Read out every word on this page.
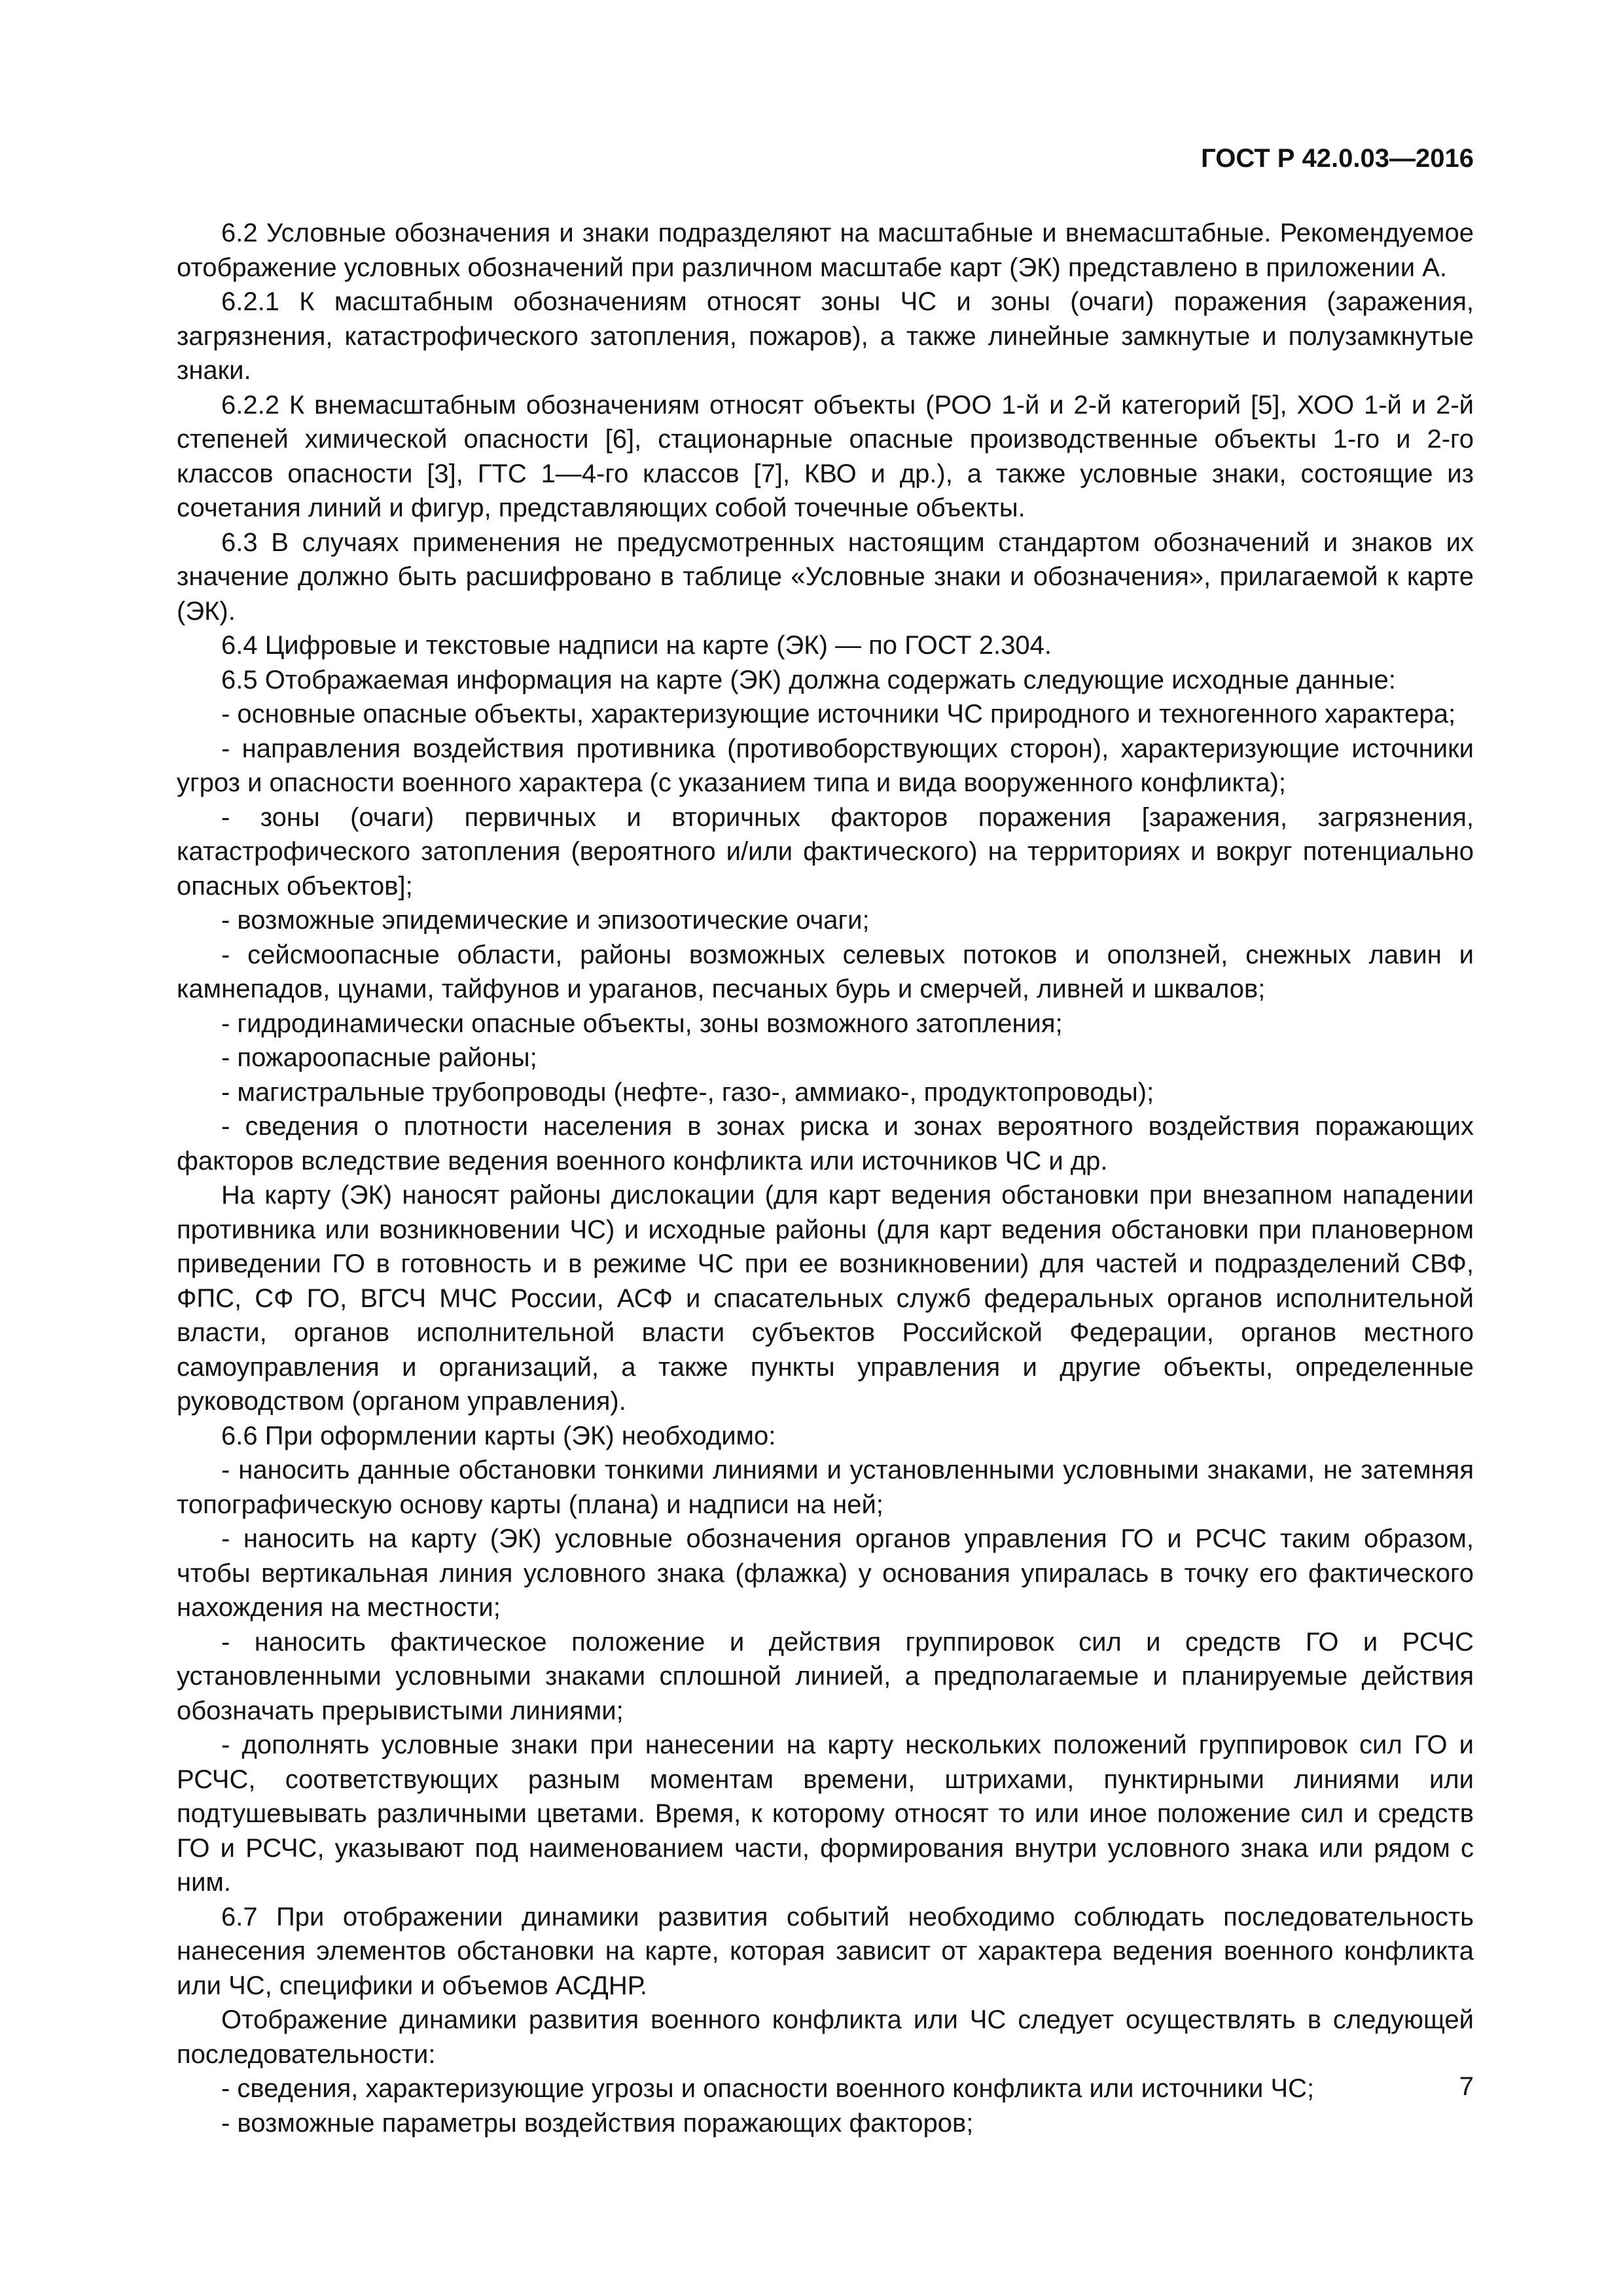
ГОСТ Р 42.0.03—2016

6.2 Условные обозначения и знаки подразделяют на масштабные и внемасштабные. Рекомендуемое отображение условных обозначений при различном масштабе карт (ЭК) представлено в приложении А.

6.2.1 К масштабным обозначениям относят зоны ЧС и зоны (очаги) поражения (заражения, загрязнения, катастрофического затопления, пожаров), а также линейные замкнутые и полузамкнутые знаки.

6.2.2 К внемасштабным обозначениям относят объекты (РОО 1-й и 2-й категорий [5], ХОО 1-й и 2-й степеней химической опасности [6], стационарные опасные производственные объекты 1-го и 2-го классов опасности [3], ГТС 1—4-го классов [7], КВО и др.), а также условные знаки, состоящие из сочетания линий и фигур, представляющих собой точечные объекты.

6.3 В случаях применения не предусмотренных настоящим стандартом обозначений и знаков их значение должно быть расшифровано в таблице «Условные знаки и обозначения», прилагаемой к карте (ЭК).

6.4 Цифровые и текстовые надписи на карте (ЭК) — по ГОСТ 2.304.

6.5 Отображаемая информация на карте (ЭК) должна содержать следующие исходные данные:

- основные опасные объекты, характеризующие источники ЧС природного и техногенного характера;

- направления воздействия противника (противоборствующих сторон), характеризующие источники угроз и опасности военного характера (с указанием типа и вида вооруженного конфликта);

- зоны (очаги) первичных и вторичных факторов поражения [заражения, загрязнения, катастрофического затопления (вероятного и/или фактического) на территориях и вокруг потенциально опасных объектов];

- возможные эпидемические и эпизоотические очаги;

- сейсмоопасные области, районы возможных селевых потоков и оползней, снежных лавин и камнепадов, цунами, тайфунов и ураганов, песчаных бурь и смерчей, ливней и шквалов;

- гидродинамически опасные объекты, зоны возможного затопления;

- пожароопасные районы;

- магистральные трубопроводы (нефте-, газо-, аммиако-, продуктопроводы);

- сведения о плотности населения в зонах риска и зонах вероятного воздействия поражающих факторов вследствие ведения военного конфликта или источников ЧС и др.

На карту (ЭК) наносят районы дислокации (для карт ведения обстановки при внезапном нападении противника или возникновении ЧС) и исходные районы (для карт ведения обстановки при плановерном приведении ГО в готовность и в режиме ЧС при ее возникновении) для частей и подразделений СВФ, ФПС, СФ ГО, ВГСЧ МЧС России, АСФ и спасательных служб федеральных органов исполнительной власти, органов исполнительной власти субъектов Российской Федерации, органов местного самоуправления и организаций, а также пункты управления и другие объекты, определенные руководством (органом управления).

6.6 При оформлении карты (ЭК) необходимо:

- наносить данные обстановки тонкими линиями и установленными условными знаками, не затемняя топографическую основу карты (плана) и надписи на ней;

- наносить на карту (ЭК) условные обозначения органов управления ГО и РСЧС таким образом, чтобы вертикальная линия условного знака (флажка) у основания упиралась в точку его фактического нахождения на местности;

- наносить фактическое положение и действия группировок сил и средств ГО и РСЧС установленными условными знаками сплошной линией, а предполагаемые и планируемые действия обозначать прерывистыми линиями;

- дополнять условные знаки при нанесении на карту нескольких положений группировок сил ГО и РСЧС, соответствующих разным моментам времени, штрихами, пунктирными линиями или подтушевывать различными цветами. Время, к которому относят то или иное положение сил и средств ГО и РСЧС, указывают под наименованием части, формирования внутри условного знака или рядом с ним.

6.7 При отображении динамики развития событий необходимо соблюдать последовательность нанесения элементов обстановки на карте, которая зависит от характера ведения военного конфликта или ЧС, специфики и объемов АСДНР.

Отображение динамики развития военного конфликта или ЧС следует осуществлять в следующей последовательности:

- сведения, характеризующие угрозы и опасности военного конфликта или источники ЧС;

- возможные параметры воздействия поражающих факторов;

7
